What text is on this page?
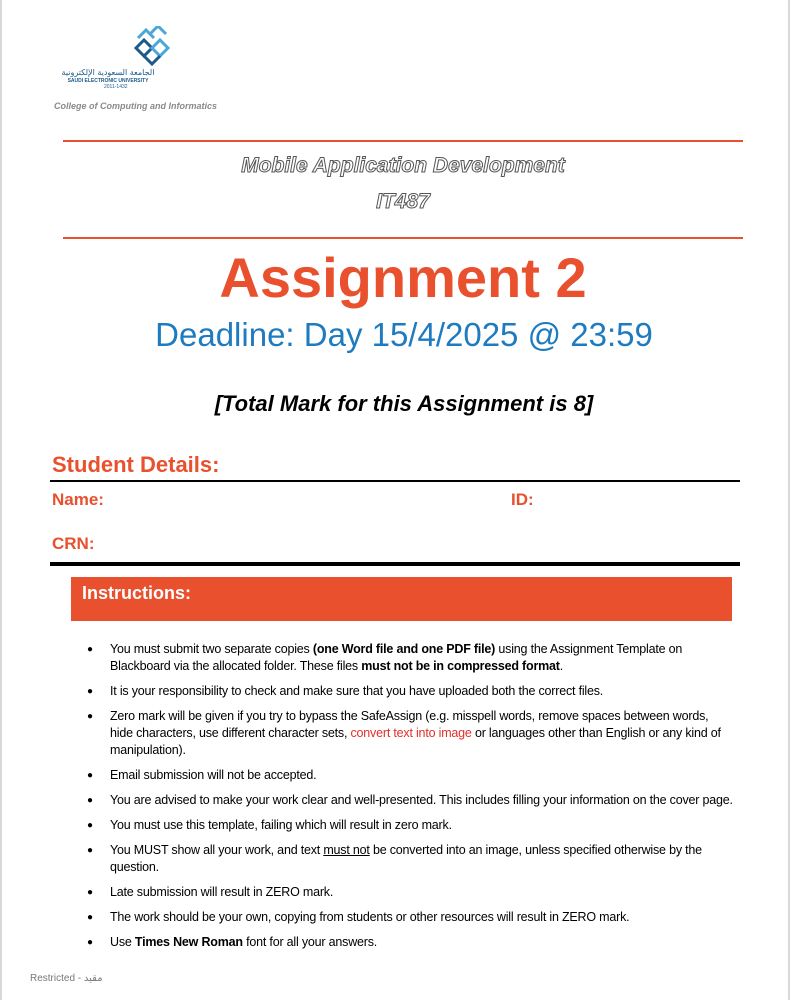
الجامعة السعودية الإلكترونية
SAUDI ELECTRONIC UNIVERSITY
2011-1432
College of Computing and Informatics
Mobile Application Development
IT487
Assignment 2
Deadline: Day 15/4/2025 @ 23:59
[Total Mark for this Assignment is 8]
Student Details:
Name:	ID:
CRN:
Instructions:
● You must submit two separate copies (one Word file and one PDF file) using the Assignment Template on Blackboard via the allocated folder. These files must not be in compressed format.
● It is your responsibility to check and make sure that you have uploaded both the correct files.
● Zero mark will be given if you try to bypass the SafeAssign (e.g. misspell words, remove spaces between words, hide characters, use different character sets, convert text into image or languages other than English or any kind of manipulation).
● Email submission will not be accepted.
● You are advised to make your work clear and well-presented. This includes filling your information on the cover page.
● You must use this template, failing which will result in zero mark.
● You MUST show all your work, and text must not be converted into an image, unless specified otherwise by the question.
● Late submission will result in ZERO mark.
● The work should be your own, copying from students or other resources will result in ZERO mark.
● Use Times New Roman font for all your answers.
Restricted - مقيد
